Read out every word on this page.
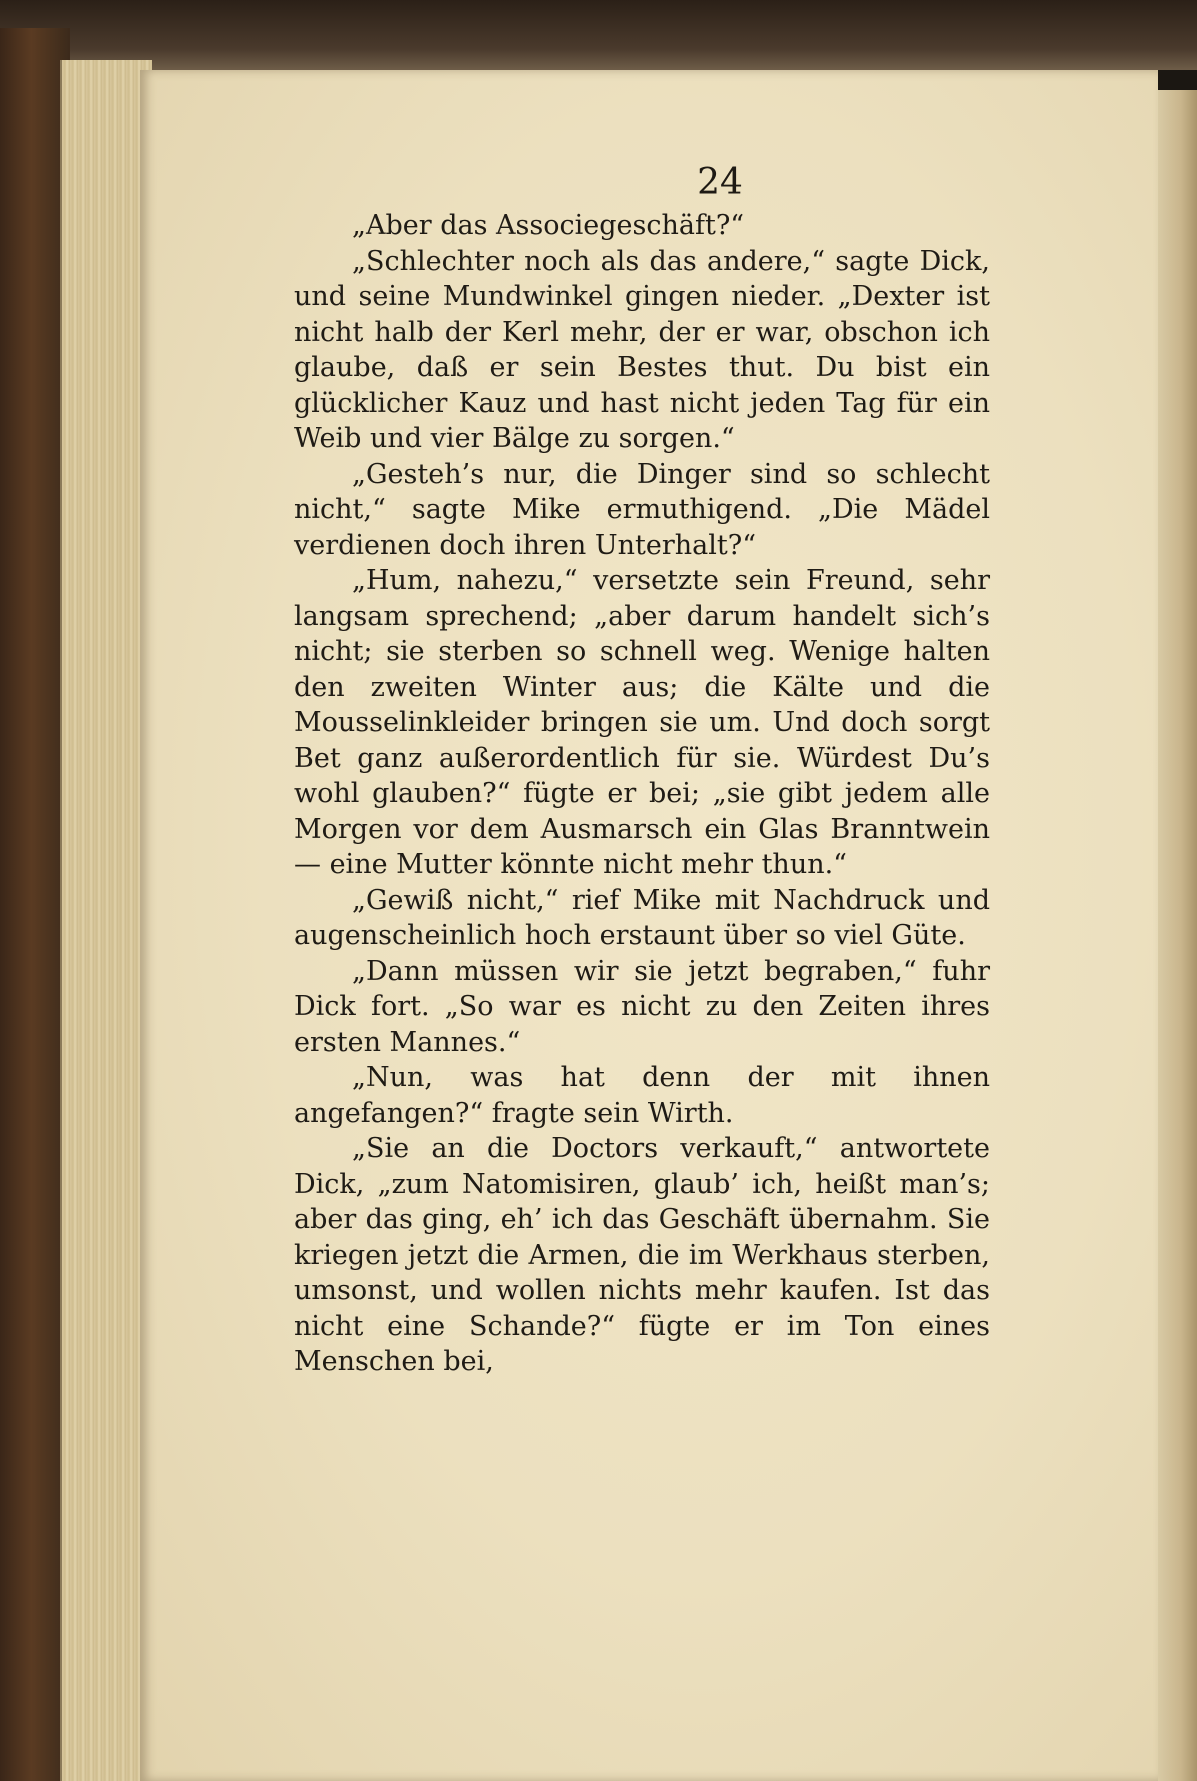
24

„Aber das Associegeschäft?“

„Schlechter noch als das andere,“ sagte Dick, und seine Mundwinkel gingen nieder. „Dexter ist nicht halb der Kerl mehr, der er war, obschon ich glaube, daß er sein Bestes thut. Du bist ein glücklicher Kauz und hast nicht jeden Tag für ein Weib und vier Bälge zu sorgen.“

„Gesteh’s nur, die Dinger sind so schlecht nicht,“ sagte Mike ermuthigend. „Die Mädel verdienen doch ihren Unterhalt?“

„Hum, nahezu,“ versetzte sein Freund, sehr langsam sprechend; „aber darum handelt sich’s nicht; sie sterben so schnell weg. Wenige halten den zweiten Winter aus; die Kälte und die Mousselinkleider bringen sie um. Und doch sorgt Bet ganz außerordentlich für sie. Würdest Du’s wohl glauben?“ fügte er bei; „sie gibt jedem alle Morgen vor dem Ausmarsch ein Glas Branntwein — eine Mutter könnte nicht mehr thun.“

„Gewiß nicht,“ rief Mike mit Nachdruck und augenscheinlich hoch erstaunt über so viel Güte.

„Dann müssen wir sie jetzt begraben,“ fuhr Dick fort. „So war es nicht zu den Zeiten ihres ersten Mannes.“

„Nun, was hat denn der mit ihnen angefangen?“ fragte sein Wirth.

„Sie an die Doctors verkauft,“ antwortete Dick, „zum Natomisiren, glaub’ ich, heißt man’s; aber das ging, eh’ ich das Geschäft übernahm. Sie kriegen jetzt die Armen, die im Werkhaus sterben, umsonst, und wollen nichts mehr kaufen. Ist das nicht eine Schande?“ fügte er im Ton eines Menschen bei,
